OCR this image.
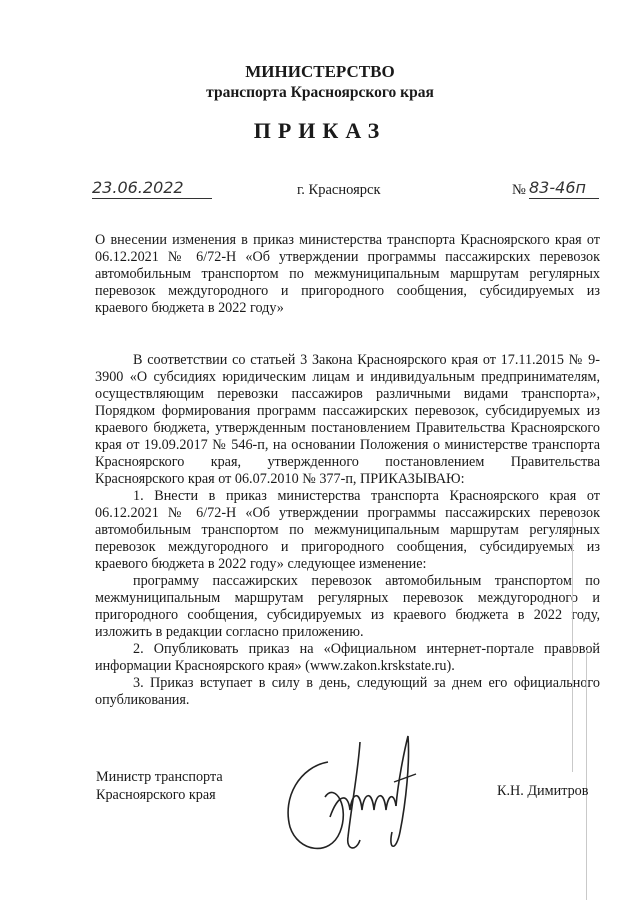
МИНИСТЕРСТВО
транспорта Красноярского края
ПРИКАЗ
23.06.2022	г. Красноярск	№ 83-46п
О внесении изменения в приказ министерства транспорта Красноярского края от 06.12.2021 № 6/72-Н «Об утверждении программы пассажирских перевозок автомобильным транспортом по межмуниципальным маршрутам регулярных перевозок междугородного и пригородного сообщения, субсидируемых из краевого бюджета в 2022 году»

В соответствии со статьей 3 Закона Красноярского края от 17.11.2015 № 9-3900 «О субсидиях юридическим лицам и индивидуальным предпринимателям, осуществляющим перевозки пассажиров различными видами транспорта», Порядком формирования программ пассажирских перевозок, субсидируемых из краевого бюджета, утвержденным постановлением Правительства Красноярского края от 19.09.2017 № 546-п, на основании Положения о министерстве транспорта Красноярского края, утвержденного постановлением Правительства Красноярского края от 06.07.2010 № 377-п, ПРИКАЗЫВАЮ:

1. Внести в приказ министерства транспорта Красноярского края от 06.12.2021 № 6/72-Н «Об утверждении программы пассажирских перевозок автомобильным транспортом по межмуниципальным маршрутам регулярных перевозок междугородного и пригородного сообщения, субсидируемых из краевого бюджета в 2022 году» следующее изменение:

программу пассажирских перевозок автомобильным транспортом по межмуниципальным маршрутам регулярных перевозок междугородного и пригородного сообщения, субсидируемых из краевого бюджета в 2022 году, изложить в редакции согласно приложению.

2. Опубликовать приказ на «Официальном интернет-портале правовой информации Красноярского края» (www.zakon.krskstate.ru).

3. Приказ вступает в силу в день, следующий за днем его официального опубликования.

Министр транспорта
Красноярского края	К.Н. Димитров
